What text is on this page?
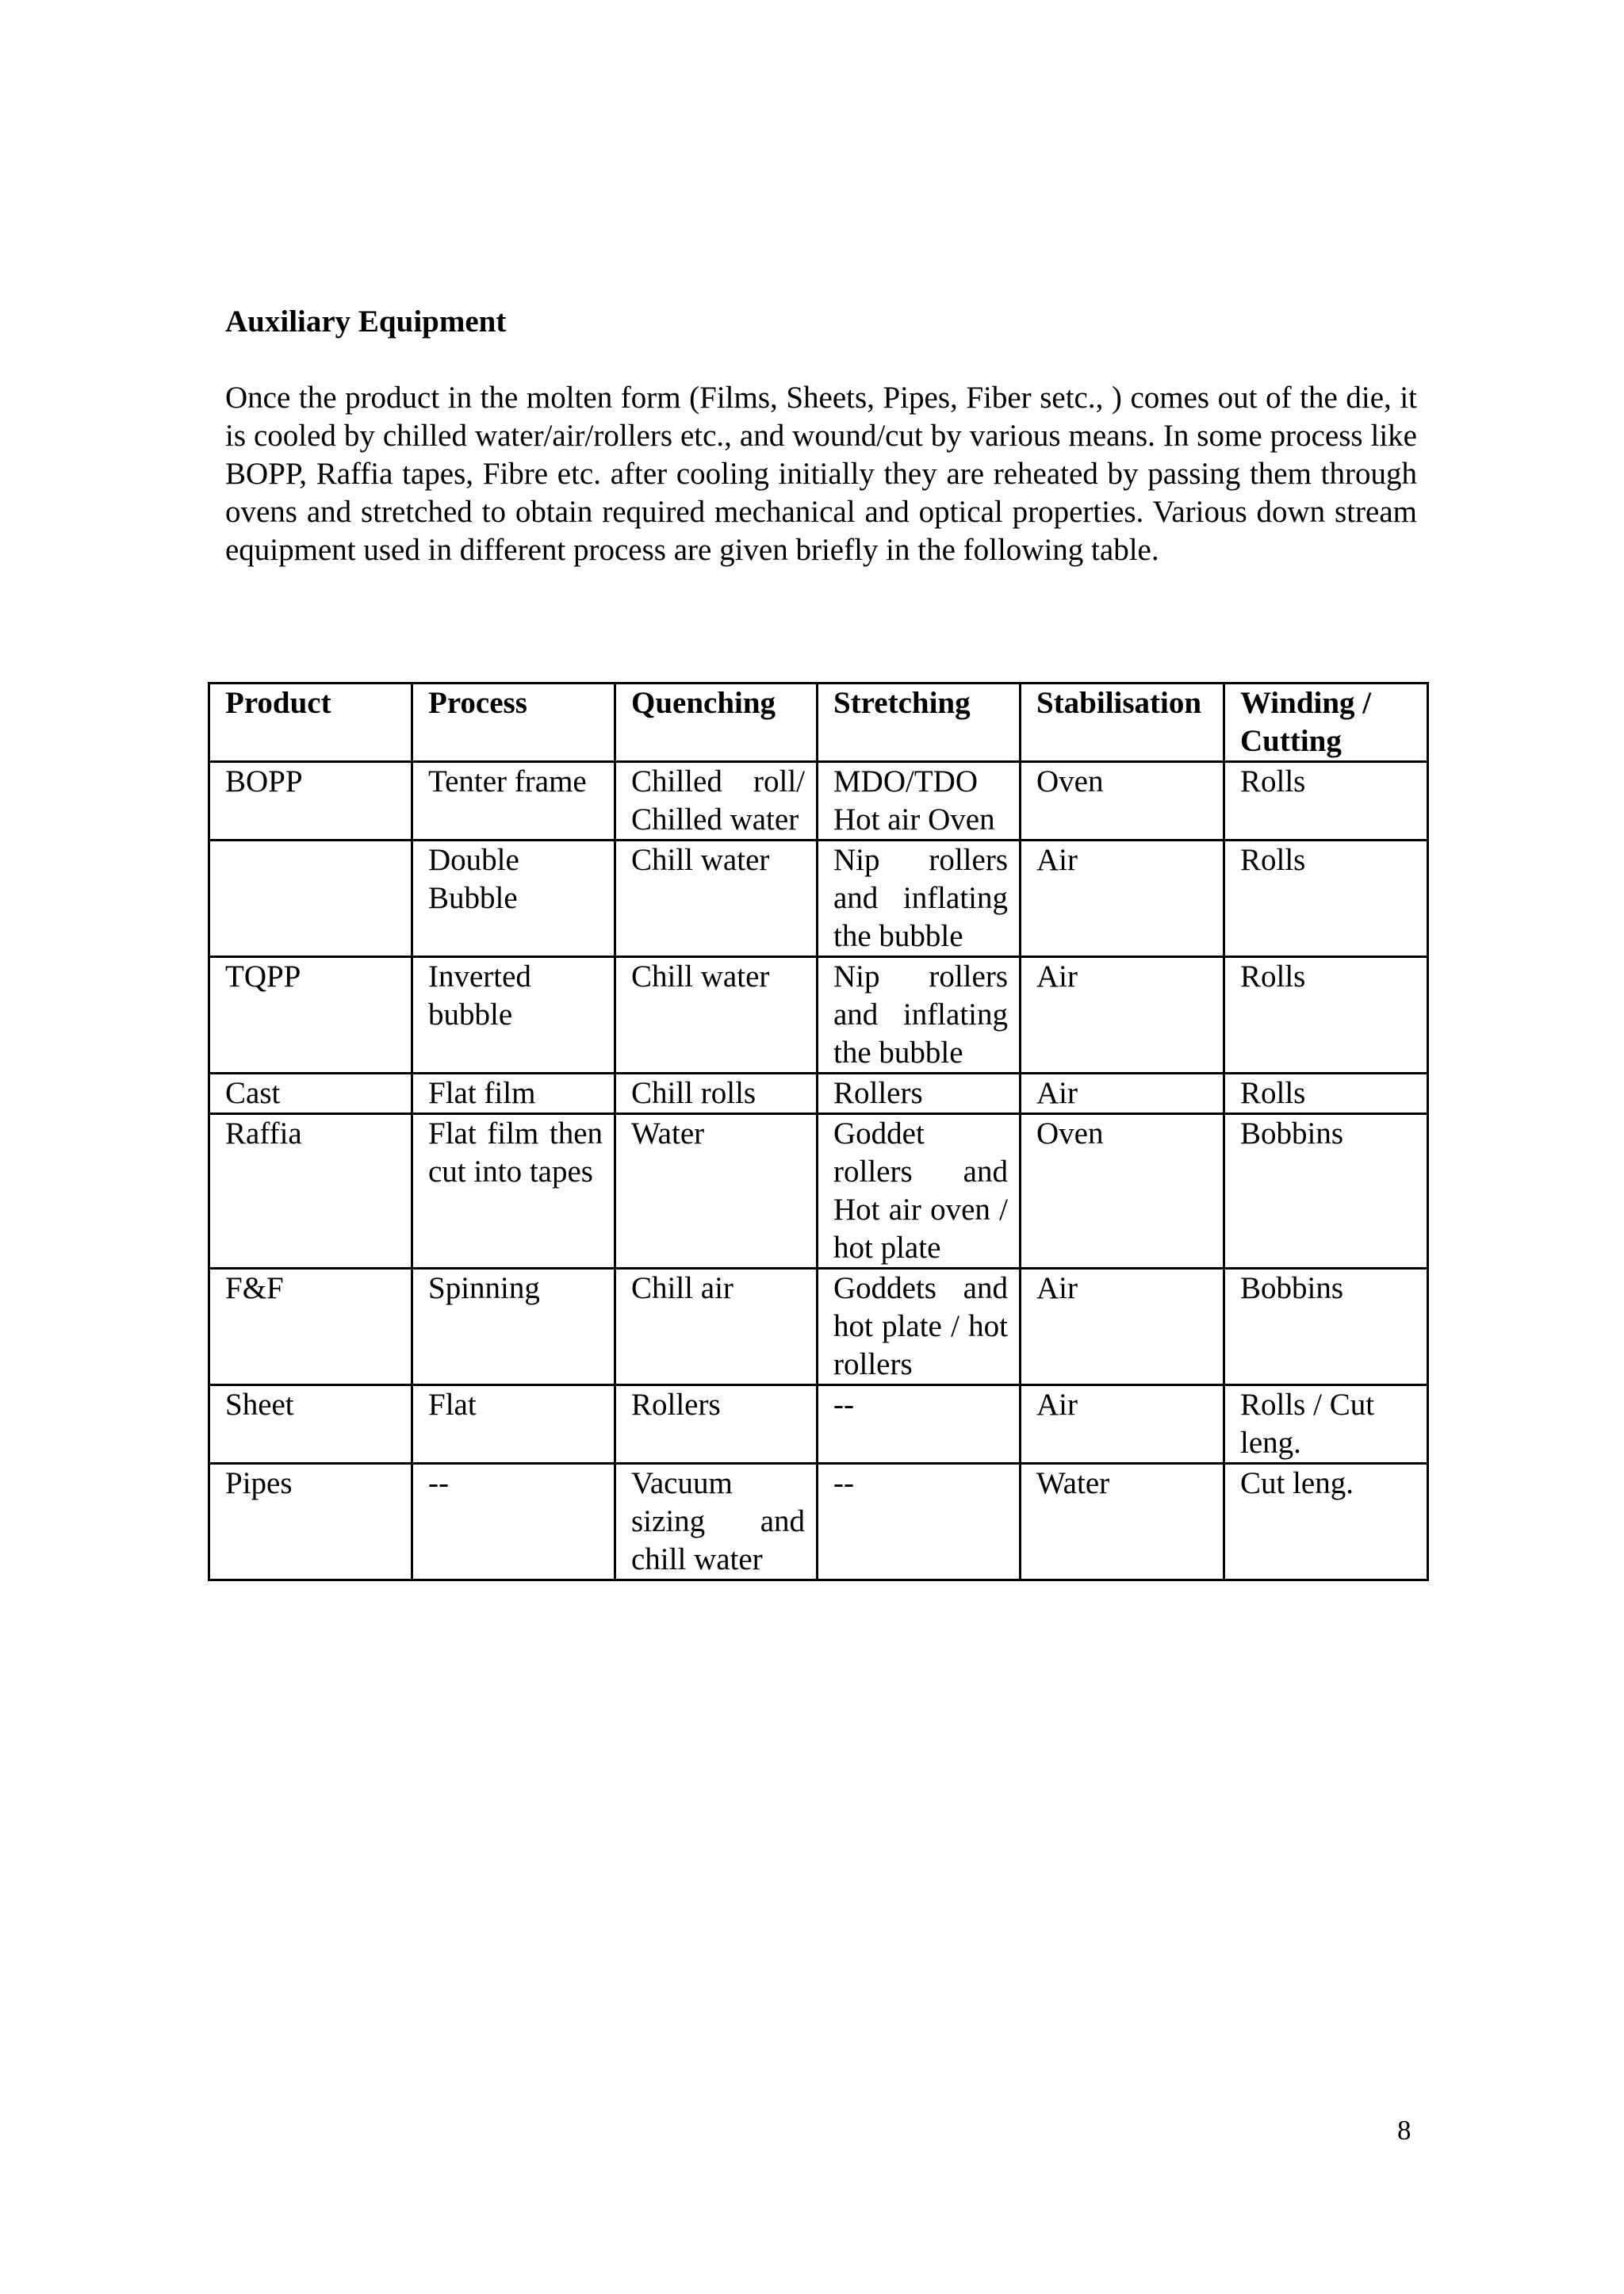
Auxiliary Equipment

Once the product in the molten form (Films, Sheets, Pipes, Fiber setc., ) comes out of the die, it is cooled by chilled water/air/rollers etc., and wound/cut by various means. In some process like BOPP, Raffia tapes, Fibre etc. after cooling initially they are reheated by passing them through ovens and stretched to obtain required mechanical and optical properties. Various down stream equipment used in different process are given briefly in the following table.

Product	Process	Quenching	Stretching	Stabilisation	Winding / Cutting
BOPP	Tenter frame	Chilled roll/ Chilled water	MDO/TDO Hot air Oven	Oven	Rolls
	Double Bubble	Chill water	Nip rollers and inflating the bubble	Air	Rolls
TQPP	Inverted bubble	Chill water	Nip rollers and inflating the bubble	Air	Rolls
Cast	Flat film	Chill rolls	Rollers	Air	Rolls
Raffia	Flat film then cut into tapes	Water	Goddet rollers and Hot air oven / hot plate	Oven	Bobbins
F&F	Spinning	Chill air	Goddets and hot plate / hot rollers	Air	Bobbins
Sheet	Flat	Rollers	--	Air	Rolls / Cut leng.
Pipes	--	Vacuum sizing and chill water	--	Water	Cut leng.
8
